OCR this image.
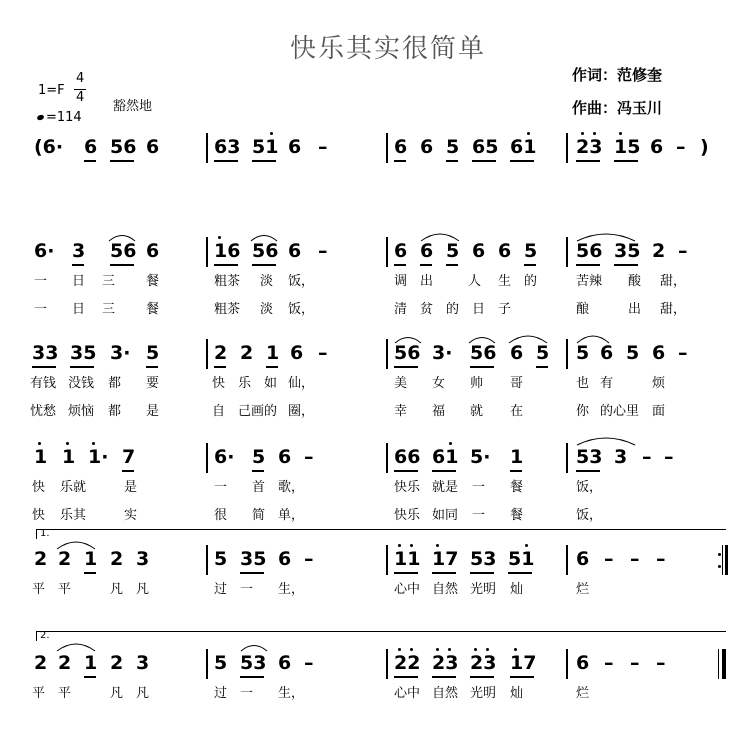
快乐其实很简单
作词：范修奎
作曲：冯玉川
1=F
4
4
豁然地
=114
(6· 6 56 6	63 51 6 –	6 6 5 65 61 23 15 6 – )
6· 3 56 6	16 56 6 –	6 6 5 6 6 5 56 35 2 –
一 日 三 餐	粗茶 淡 饭，	调 出	人 生 的	苦辣 酸 甜，
一 日 三 餐	粗茶 淡 饭，	清 贫 的 日 子	酿	出 甜，
33 35 3· 5	2 2 1 6 –	56 3· 56 6 5 5 6 5 6 –
有钱 没钱 都 要	快 乐 如 仙，	美 女 帅 哥	也 有	烦
忧愁 烦恼 都 是	自 己画的 圈，	幸 福 就 在	你 的心里 面
1 1 1· 7	6· 5 6 –	66 61 5· 1	53 3 – –
快 乐就	是	一 首 歌，	快乐 就是 一 餐	饭，
快 乐其	实	很 简 单，	快乐 如同 一 餐	饭，
1.
2 2 1 2 3	5 35 6 –	11 17 53 51 6 – – –
平 平	凡 凡	过 一 生，	心中 自然 光明 灿	烂
2.
2 2 1 2 3	5 53 6 –	22 23 23 17 6 – – –
平 平	凡 凡	过 一 生，	心中 自然 光明 灿	烂
